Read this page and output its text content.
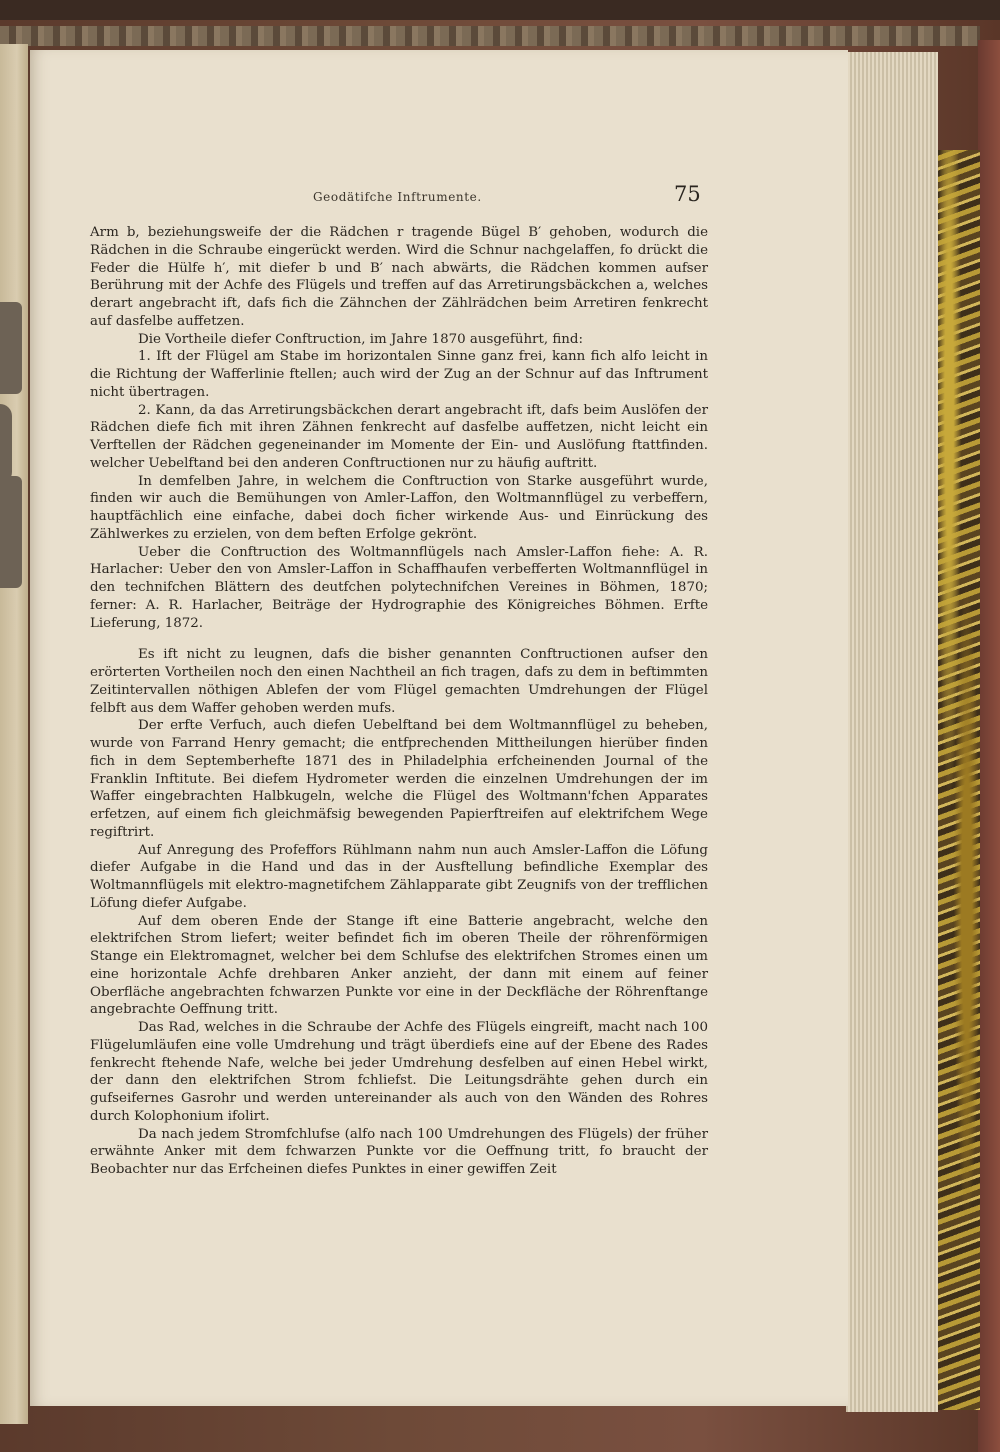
Geodätifche Inftrumente.	75

Arm b, beziehungsweife der die Rädchen r tragende Bügel B′ gehoben, wodurch die Rädchen in die Schraube eingerückt werden. Wird die Schnur nachgelaffen, fo drückt die Feder die Hülfe h′, mit diefer b und B′ nach abwärts, die Rädchen kommen aufser Berührung mit der Achfe des Flügels und treffen auf das Arretirungsbäckchen a, welches derart angebracht ift, dafs fich die Zähnchen der Zählrädchen beim Arretiren fenkrecht auf dasfelbe auffetzen.

Die Vortheile diefer Conftruction, im Jahre 1870 ausgeführt, find:

1. Ift der Flügel am Stabe im horizontalen Sinne ganz frei, kann fich alfo leicht in die Richtung der Wafferlinie ftellen; auch wird der Zug an der Schnur auf das Inftrument nicht übertragen.

2. Kann, da das Arretirungsbäckchen derart angebracht ift, dafs beim Auslöfen der Rädchen diefe fich mit ihren Zähnen fenkrecht auf dasfelbe auffetzen, nicht leicht ein Verftellen der Rädchen gegeneinander im Momente der Ein- und Auslöfung ftattfinden. welcher Uebelftand bei den anderen Conftructionen nur zu häufig auftritt.

In demfelben Jahre, in welchem die Conftruction von Starke ausgeführt wurde, finden wir auch die Bemühungen von Amler-Laffon, den Woltmannflügel zu verbeffern, hauptfächlich eine einfache, dabei doch ficher wirkende Aus- und Einrückung des Zählwerkes zu erzielen, von dem beften Erfolge gekrönt.

Ueber die Conftruction des Woltmannflügels nach Amsler-Laffon fiehe: A. R. Harlacher: Ueber den von Amsler-Laffon in Schaffhaufen verbefferten Woltmannflügel in den technifchen Blättern des deutfchen polytechnifchen Vereines in Böhmen, 1870; ferner: A. R. Harlacher, Beiträge der Hydrographie des Königreiches Böhmen. Erfte Lieferung, 1872.

Es ift nicht zu leugnen, dafs die bisher genannten Conftructionen aufser den erörterten Vortheilen noch den einen Nachtheil an fich tragen, dafs zu dem in beftimmten Zeitintervallen nöthigen Ablefen der vom Flügel gemachten Umdrehungen der Flügel felbft aus dem Waffer gehoben werden mufs.

Der erfte Verfuch, auch diefen Uebelftand bei dem Woltmannflügel zu beheben, wurde von Farrand Henry gemacht; die entfprechenden Mittheilungen hierüber finden fich in dem Septemberhefte 1871 des in Philadelphia erfcheinenden Journal of the Franklin Inftitute. Bei diefem Hydrometer werden die einzelnen Umdrehungen der im Waffer eingebrachten Halbkugeln, welche die Flügel des Woltmann'fchen Apparates erfetzen, auf einem fich gleichmäfsig bewegenden Papierftreifen auf elektrifchem Wege regiftrirt.

Auf Anregung des Profeffors Rühlmann nahm nun auch Amsler-Laffon die Löfung diefer Aufgabe in die Hand und das in der Ausftellung befindliche Exemplar des Woltmannflügels mit elektro-magnetifchem Zählapparate gibt Zeugnifs von der trefflichen Löfung diefer Aufgabe.

Auf dem oberen Ende der Stange ift eine Batterie angebracht, welche den elektrifchen Strom liefert; weiter befindet fich im oberen Theile der röhrenförmigen Stange ein Elektromagnet, welcher bei dem Schlufse des elektrifchen Stromes einen um eine horizontale Achfe drehbaren Anker anzieht, der dann mit einem auf feiner Oberfläche angebrachten fchwarzen Punkte vor eine in der Deckfläche der Röhrenftange angebrachte Oeffnung tritt.

Das Rad, welches in die Schraube der Achfe des Flügels eingreift, macht nach 100 Flügelumläufen eine volle Umdrehung und trägt überdiefs eine auf der Ebene des Rades fenkrecht ftehende Nafe, welche bei jeder Umdrehung desfelben auf einen Hebel wirkt, der dann den elektrifchen Strom fchliefst. Die Leitungsdrähte gehen durch ein gufseifernes Gasrohr und werden untereinander als auch von den Wänden des Rohres durch Kolophonium ifolirt.

Da nach jedem Stromfchlufse (alfo nach 100 Umdrehungen des Flügels) der früher erwähnte Anker mit dem fchwarzen Punkte vor die Oeffnung tritt, fo braucht der Beobachter nur das Erfcheinen diefes Punktes in einer gewiffen Zeit
